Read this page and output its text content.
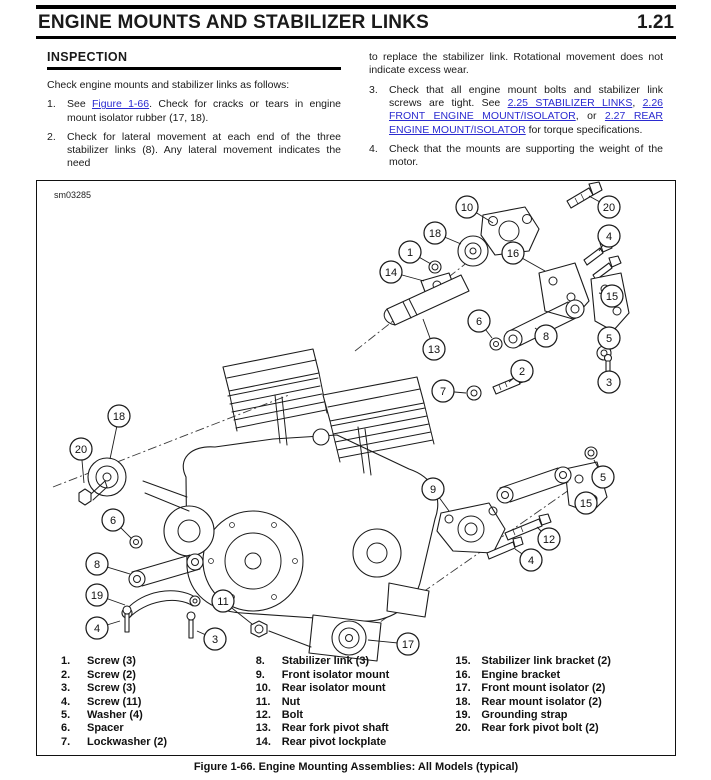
ENGINE MOUNTS AND STABILIZER LINKS	1.21
INSPECTION

Check engine mounts and stabilizer links as follows:

1.	See Figure 1-66. Check for cracks or tears in engine mount isolator rubber (17, 18).
2.	Check for lateral movement at each end of the three stabilizer links (8). Any lateral movement indicates the need

to replace the stabilizer link. Rotational movement does not indicate excess wear.

3.	Check that all engine mount bolts and stabilizer link screws are tight. See 2.25 STABILIZER LINKS, 2.26 FRONT ENGINE MOUNT/ISOLATOR, or 2.27 REAR ENGINE MOUNT/ISOLATOR for torque specifications.
4.	Check that the mounts are supporting the weight of the motor.
sm03285
10	20
18	4
1	16
14
15
6
8	5
13
2
3
7
18
20
5
9
15
6
12
4
8
19	11
4
3	17
1.	Screw (3)
2.	Screw (2)
3.	Screw (3)
4.	Screw (11)
5.	Washer (4)
6.	Spacer
7.	Lockwasher (2)
8.	Stabilizer link (3)
9.	Front isolator mount
10. Rear isolator mount
11.	Nut
12. Bolt
13. Rear fork pivot shaft
14. Rear pivot lockplate
15. Stabilizer link bracket (2)
16. Engine bracket
17. Front mount isolator (2)
18. Rear mount isolator (2)
19. Grounding strap
20. Rear fork pivot bolt (2)
Figure 1-66. Engine Mounting Assemblies: All Models (typical)
